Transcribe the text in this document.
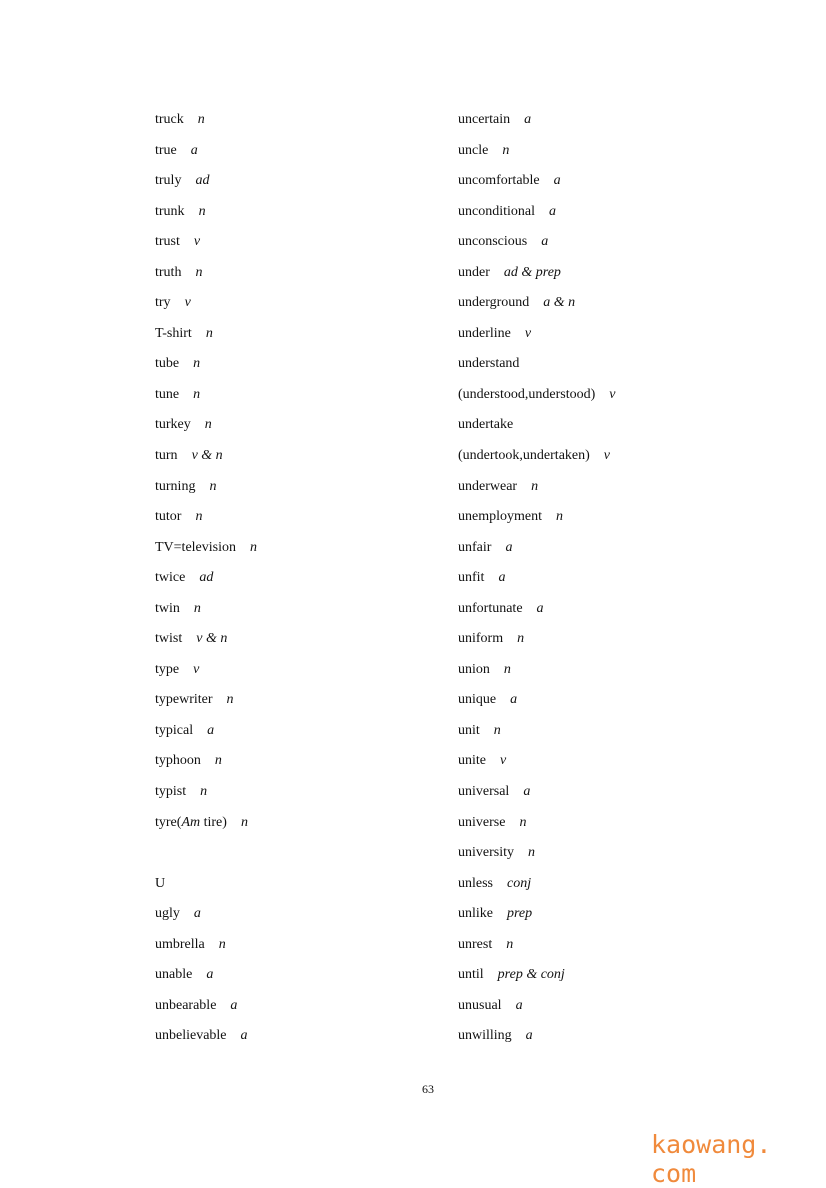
truck n
true a
truly ad
trunk n
trust v
truth n
try v
T-shirt n
tube n
tune n
turkey n
turn v & n
turning n
tutor n
TV=television n
twice ad
twin n
twist v & n
type v
typewriter n
typical a
typhoon n
typist n
tyre(Am tire) n
U
ugly a
umbrella n
unable a
unbearable a
unbelievable a
uncertain a
uncle n
uncomfortable a
unconditional a
unconscious a
under ad & prep
underground a & n
underline v
understand
(understood,understood) v
undertake
(undertook,undertaken) v
underwear n
unemployment n
unfair a
unfit a
unfortunate a
uniform n
union n
unique a
unit n
unite v
universal a
universe n
university n
unless conj
unlike prep
unrest n
until prep & conj
unusual a
unwilling a
63
kaowang. com
